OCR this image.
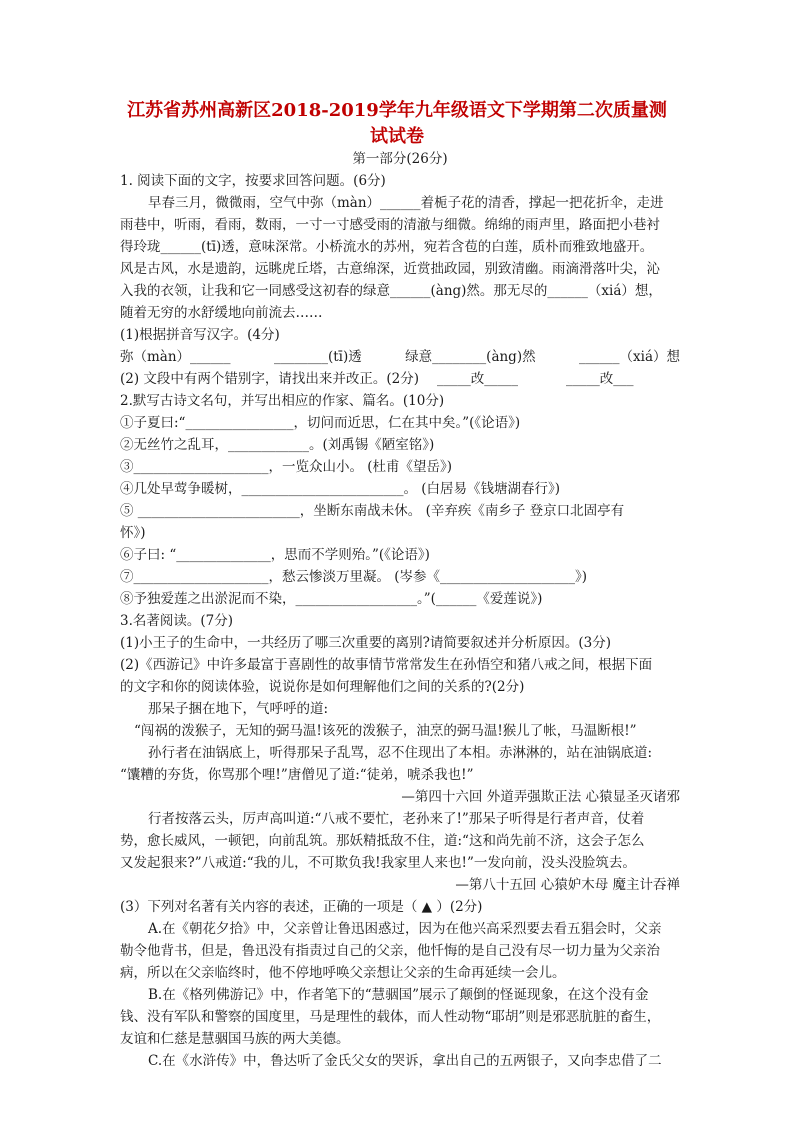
江苏省苏州高新区2018-2019学年九年级语文下学期第二次质量测
试试卷
第一部分(26分)
1. 阅读下面的文字，按要求回答问题。(6分)
早春三月，微微雨，空气中弥（màn）______着栀子花的清香，撑起一把花折伞，走进
雨巷中，听雨，看雨，数雨，一寸一寸感受雨的清澈与细微。绵绵的雨声里，路面把小巷衬
得玲珑______(tī)透，意味深常。小桥流水的苏州，宛若含苞的白莲，质朴而雅致地盛开。
风是古风，水是遗韵，远眺虎丘塔，古意绵深，近赏拙政园，别致清幽。雨滴滑落叶尖，沁
入我的衣领，让我和它一同感受这初春的绿意______(àng)然。那无尽的______（xiá）想，
随着无穷的水舒缓地向前流去……
(1)根据拼音写汉字。(4分)
弥（màn）______	________(tī)透	绿意________(àng)然	______（xiá）想
(2) 文段中有两个错别字，请找出来并改正。(2分) _____改_____	_____改___
2.默写古诗文名句，并写出相应的作家、篇名。(10分)
①子夏曰:“________________，切问而近思，仁在其中矣。”(《论语》)
②无丝竹之乱耳，____________。(刘禹锡《陋室铭》)
③____________________，一览众山小。 (杜甫《望岳》)
④几处早莺争暖树，________________________。 (白居易《钱塘湖春行》)
⑤ ________________________，坐断东南战未休。 (辛弃疾《南乡子 登京口北固亭有
怀》)
⑥子曰: “______________，思而不学则殆。”(《论语》)
⑦____________________，愁云惨淡万里凝。 (岑参《____________________》)
⑧予独爱莲之出淤泥而不染，__________________。”(______《爱莲说》)
3.名著阅读。(7分)
(1)小王子的生命中，一共经历了哪三次重要的离别?请简要叙述并分析原因。(3分)
(2)《西游记》中许多最富于喜剧性的故事情节常常发生在孙悟空和猪八戒之间，根据下面
的文字和你的阅读体验，说说你是如何理解他们之间的关系的?(2分)
那呆子捆在地下，气呼呼的道:
“闯祸的泼猴子，无知的弼马温!该死的泼猴子，油烹的弼马温!猴儿了帐，马温断根!”
孙行者在油锅底上，听得那呆子乱骂，忍不住现出了本相。赤淋淋的，站在油锅底道:
“馕糟的夯货，你骂那个哩!”唐僧见了道:“徒弟，唬杀我也!”
—第四十六回 外道弄强欺正法 心猿显圣灭诸邪
行者按落云头，厉声高叫道:“八戒不要忙，老孙来了!”那呆子听得是行者声音，仗着
势，愈长威风，一顿钯，向前乱筑。那妖精抵敌不住，道:“这和尚先前不济，这会子怎么
又发起狠来?”八戒道:“我的儿，不可欺负我!我家里人来也!”一发向前，没头没脸筑去。
—第八十五回 心猿妒木母 魔主计吞禅
(3）下列对名著有关内容的表述，正确的一项是（ ▲ ）(2分)
A.在《朝花夕拾》中，父亲曾让鲁迅困惑过，因为在他兴高采烈要去看五猖会时，父亲
勒令他背书，但是，鲁迅没有指责过自己的父亲，他忏悔的是自己没有尽一切力量为父亲治
病，所以在父亲临终时，他不停地呼唤父亲想让父亲的生命再延续一会儿。
B.在《格列佛游记》中，作者笔下的“慧骃国”展示了颠倒的怪诞现象，在这个没有金
钱、没有军队和警察的国度里，马是理性的载体，而人性动物“耶胡”则是邪恶肮脏的畜生，
友谊和仁慈是慧骃国马族的两大美德。
C.在《水浒传》中，鲁达听了金氏父女的哭诉，拿出自己的五两银子，又向李忠借了二
